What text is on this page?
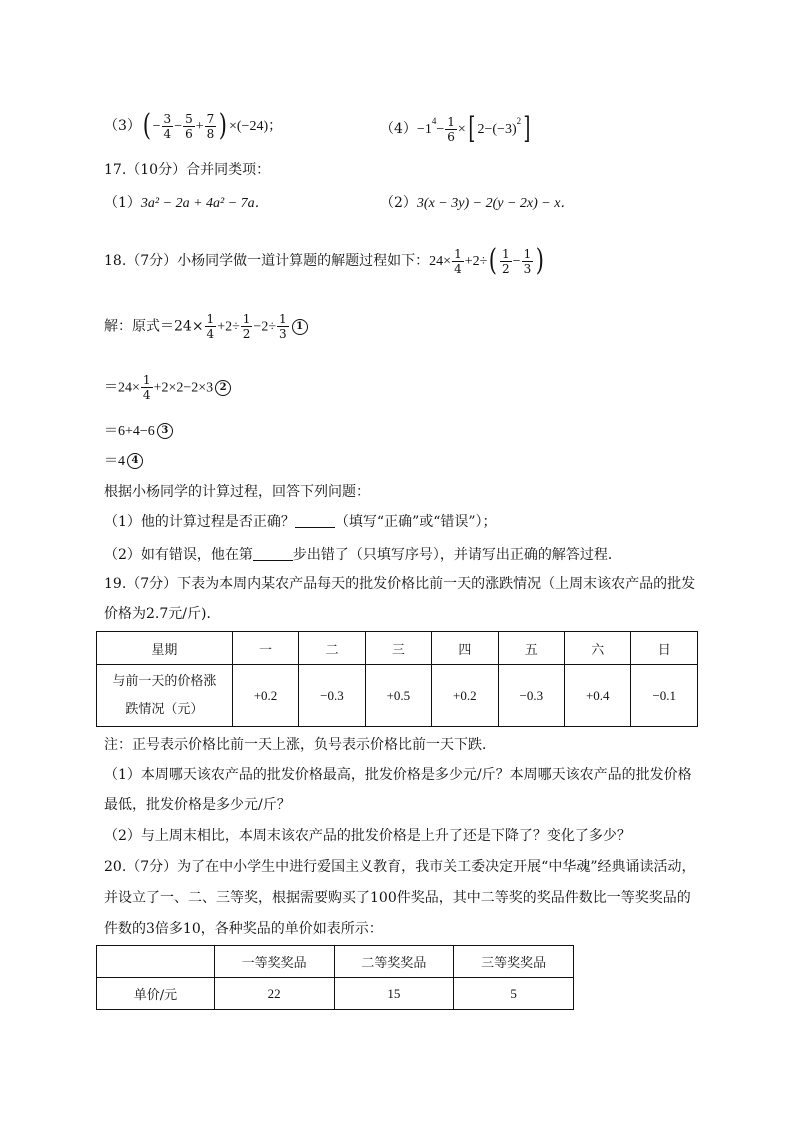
$(3)( - \frac{3}{4} - \frac{5}{6} + \frac{7}{8}$ ) ×(−24)；	$(4)-1^4- \frac{1}{6}$ ×[ $2-(-3)^2$]
17.（10分）合并同类项：
（1）3a² − 2a + 4a² − 7a．	（2）3(x − 3y) − 2(y − 2x) − x．
18.（7分）小杨同学做一道计算题的解题过程如下：$24\times \frac{1}{4} +2\div( \frac{1}{2} - \frac{1}{3}$ )
解：原式$=24\times \frac{1}{4} +2\div \frac{1}{2} -2\div \frac{1}{3} 1$
$=24\times \frac{1}{4} +2\times 2-2\times 3$ 2
＝6+4−6 3
＝4 4
根据小杨同学的计算过程，回答下列问题：
（1）他的计算过程是否正确？	（填写“正确”或“错误”）；
（2）如有错误，他在第	步出错了（只填写序号），并请写出正确的解答过程．
19.（7分）下表为本周内某农产品每天的批发价格比前一天的涨跌情况（上周末该农产品的批发
价格为2.7元/斤)．
星期	一	二	三	四	五	六	日

与前一天的价格涨
跌情况（元）	+0.2	−0.3	+0.5	+0.2	−0.3	+0.4	−0.1
注：正号表示价格比前一天上涨，负号表示价格比前一天下跌．
（1）本周哪天该农产品的批发价格最高，批发价格是多少元/斤？本周哪天该农产品的批发价格
最低，批发价格是多少元/斤？
（2）与上周末相比，本周末该农产品的批发价格是上升了还是下降了？变化了多少？
20.（7分）为了在中小学生中进行爱国主义教育，我市关工委决定开展“中华魂”经典诵读活动，
并设立了一、二、三等奖，根据需要购买了100件奖品，其中二等奖的奖品件数比一等奖奖品的
件数的3倍多10，各种奖品的单价如表所示：
	一等奖奖品	二等奖奖品	三等奖奖品
单价/元	22	15	5
